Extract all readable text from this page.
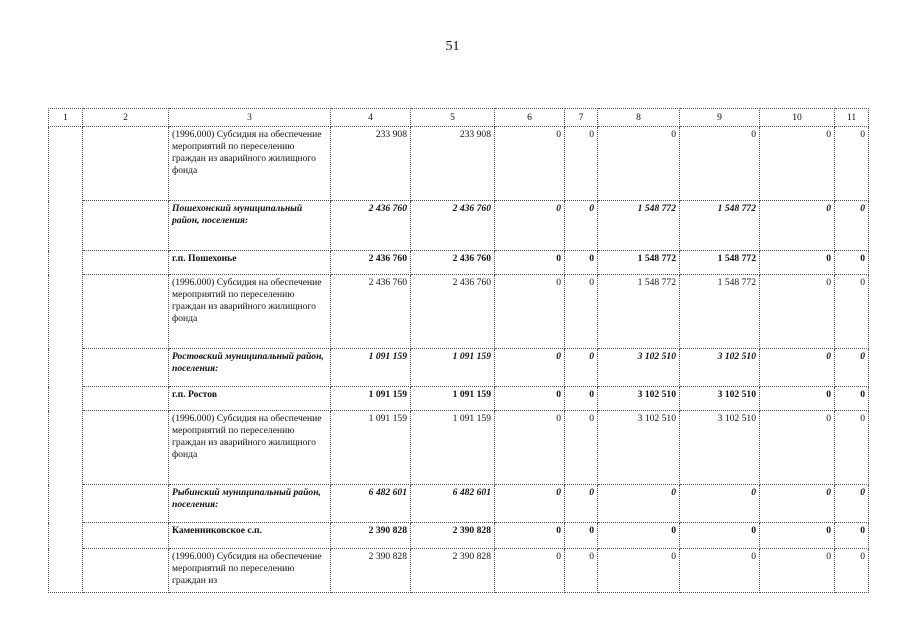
51
1	2	3	4	5	6	7	8	9	10	11
		(1996.000) Субсидия на обеспечение мероприятий по переселению граждан из аварийного жилищного фонда	233 908	233 908	0	0	0	0	0	0
		Пошехонский муниципальный район, поселения:	2 436 760	2 436 760	0	0	1 548 772	1 548 772	0	0
		г.п. Пошехонье	2 436 760	2 436 760	0	0	1 548 772	1 548 772	0	0
		(1996.000) Субсидия на обеспечение мероприятий по переселению граждан из аварийного жилищного фонда	2 436 760	2 436 760	0	0	1 548 772	1 548 772	0	0
		Ростовский муниципальный район, поселения:	1 091 159	1 091 159	0	0	3 102 510	3 102 510	0	0
		г.п. Ростов	1 091 159	1 091 159	0	0	3 102 510	3 102 510	0	0
		(1996.000) Субсидия на обеспечение мероприятий по переселению граждан из аварийного жилищного фонда	1 091 159	1 091 159	0	0	3 102 510	3 102 510	0	0
		Рыбинский муниципальный район, поселения:	6 482 601	6 482 601	0	0	0	0	0	0
		Каменниковское с.п.	2 390 828	2 390 828	0	0	0	0	0	0
		(1996.000) Субсидия на обеспечение мероприятий по переселению граждан из	2 390 828	2 390 828	0	0	0	0	0	0
